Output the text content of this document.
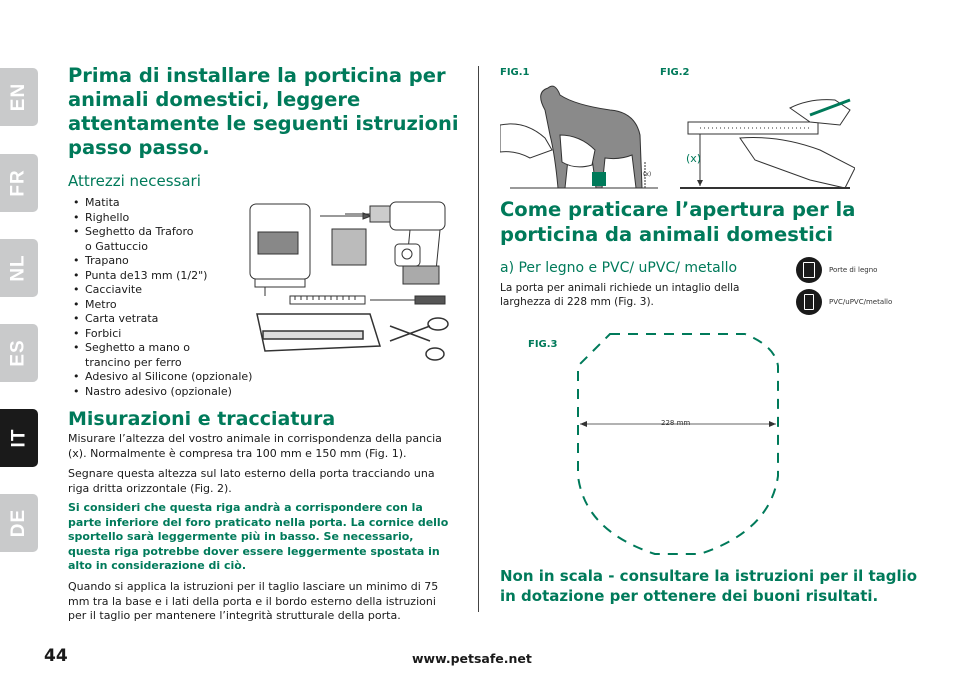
EN
FR
NL
ES
IT
DE
Prima di installare la porticina per animali domestici, leggere attentamente le seguenti istruzioni passo passo.
Attrezzi necessari
• Matita
• Righello
• Seghetto da Traforo
o Gattuccio
• Trapano
• Punta de13 mm (1/2")
• Cacciavite
• Metro
• Carta vetrata
• Forbici
• Seghetto a mano o
trancino per ferro
• Adesivo al Silicone (opzionale)
• Nastro adesivo (opzionale)
Misurazioni e tracciatura

Misurare l’altezza del vostro animale in corrispondenza della pancia (x). Normalmente è compresa tra 100 mm e 150 mm (Fig. 1).

Segnare questa altezza sul lato esterno della porta tracciando una riga dritta orizzontale (Fig. 2).

Si consideri che questa riga andrà a corrispondere con la parte inferiore del foro praticato nella porta. La cornice dello sportello sarà leggermente più in basso. Se necessario, questa riga potrebbe dover essere leggermente spostata in alto in considerazione di ciò.

Quando si applica la istruzioni per il taglio lasciare un minimo di 75 mm tra la base e i lati della porta e il bordo esterno della istruzioni per il taglio per mantenere l’integrità strutturale della porta.

FIG.1	FIG.2
(x)
(x)
Come praticare l’apertura per la porticina da animali domestici
a) Per legno e PVC/ uPVC/ metallo

La porta per animali richiede un intaglio della larghezza di 228 mm (Fig. 3).

Porte di legno
PVC/uPVC/metallo
FIG.3
228 mm

Non in scala - consultare la istruzioni per il taglio in dotazione per ottenere dei buoni risultati.

44	www.petsafe.net
